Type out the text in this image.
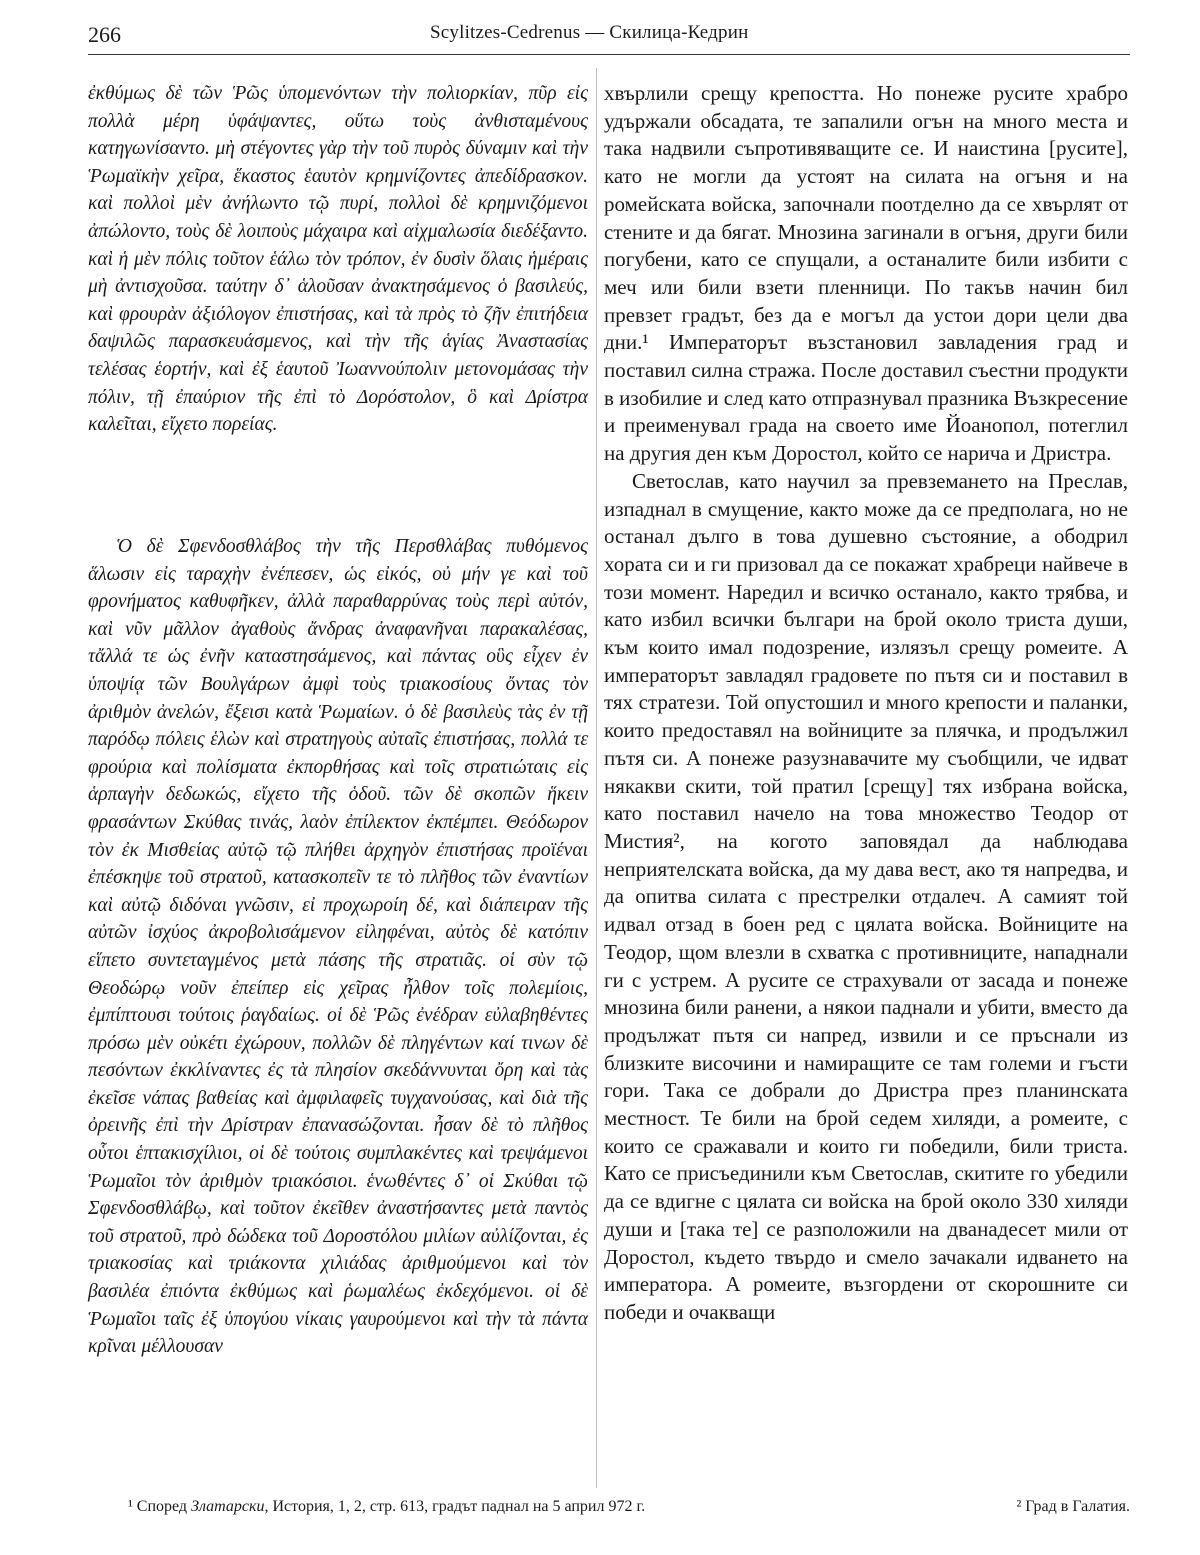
266	Scylitzes-Cedrenus — Скилица-Кедрин

ἐκθύμως δὲ τῶν Ῥῶς ὑπομενόντων τὴν πολιορκίαν, πῦρ εἰς πολλὰ μέρη ὑφάψαντες, οὕτω τοὺς ἀνθισταμένους κατηγωνίσαντο. μὴ στέγοντες γὰρ τὴν τοῦ πυρὸς δύναμιν καὶ τὴν Ῥωμαϊκὴν χεῖρα, ἕκαστος ἑαυτὸν κρημνίζοντες ἀπεδίδρασκον. καὶ πολλοὶ μὲν ἀνήλωντο τῷ πυρί, πολλοὶ δὲ κρημνιζόμενοι ἀπώλοντο, τοὺς δὲ λοιποὺς μάχαιρα καὶ αἰχμαλωσία διεδέξαντο. καὶ ἡ μὲν πόλις τοῦτον ἑάλω τὸν τρόπον, ἐν δυσὶν ὅλαις ἡμέραις μὴ ἀντισχοῦσα. ταύτην δ᾽ ἁλοῦσαν ἀνακτησάμενος ὁ βασιλεύς, καὶ φρουρὰν ἀξιόλογον ἐπιστήσας, καὶ τὰ πρὸς τὸ ζῆν ἐπιτήδεια δαψιλῶς παρασκευάσμενος, καὶ τὴν τῆς ἁγίας Ἀναστασίας τελέσας ἑορτήν, καὶ ἐξ ἑαυτοῦ Ἰωαννούπολιν μετονομάσας τὴν πόλιν, τῇ ἐπαύριον τῆς ἐπὶ τὸ Δορόστολον, ὃ καὶ Δρίστρα καλεῖται, εἴχετο πορείας.

Ὁ δὲ Σφενδοσθλάβος τὴν τῆς Περσθλάβας πυθόμενος ἅλωσιν εἰς ταραχὴν ἐνέπεσεν, ὡς εἰκός, οὐ μήν γε καὶ τοῦ φρονήματος καθυφῆκεν, ἀλλὰ παραθαρρύνας τοὺς περὶ αὐτόν, καὶ νῦν μᾶλλον ἀγαθοὺς ἄνδρας ἀναφανῆναι παρακαλέσας, τἄλλά τε ὡς ἐνῆν καταστησάμενος, καὶ πάντας οὓς εἶχεν ἐν ὑποψίᾳ τῶν Βουλγάρων ἀμφὶ τοὺς τριακοσίους ὄντας τὸν ἀριθμὸν ἀνελών, ἔξεισι κατὰ Ῥωμαίων. ὁ δὲ βασιλεὺς τὰς ἐν τῇ παρόδῳ πόλεις ἑλὼν καὶ στρατηγοὺς αὐταῖς ἐπιστήσας, πολλά τε φρούρια καὶ πολίσματα ἐκπορθήσας καὶ τοῖς στρατιώταις εἰς ἁρπαγὴν δεδωκώς, εἴχετο τῆς ὁδοῦ. τῶν δὲ σκοπῶν ἥκειν φρασάντων Σκύθας τινάς, λαὸν ἐπίλεκτον ἐκπέμπει. Θεόδωρον τὸν ἐκ Μισθείας αὐτῷ τῷ πλήθει ἀρχηγὸν ἐπιστήσας προϊέναι ἐπέσκηψε τοῦ στρατοῦ, κατασκοπεῖν τε τὸ πλῆθος τῶν ἐναντίων καὶ αὐτῷ διδόναι γνῶσιν, εἰ προχωροίη δέ, καὶ διάπειραν τῆς αὐτῶν ἰσχύος ἀκροβολισάμενον εἰληφέναι, αὐτὸς δὲ κατόπιν εἵπετο συντεταγμένος μετὰ πάσης τῆς στρατιᾶς. οἱ σὺν τῷ Θεοδώρῳ νοῦν ἐπείπερ εἰς χεῖρας ἦλθον τοῖς πολεμίοις, ἐμπίπτουσι τούτοις ῥαγδαίως. οἱ δὲ Ῥῶς ἐνέδραν εὐλαβηθέντες πρόσω μὲν οὐκέτι ἐχώρουν, πολλῶν δὲ πληγέντων καί τινων δὲ πεσόντων ἐκκλίναντες ἐς τὰ πλησίον σκεδάννυνται ὄρη καὶ τὰς ἐκεῖσε νάπας βαθείας καὶ ἀμφιλαφεῖς τυγχανούσας, καὶ διὰ τῆς ὀρεινῆς ἐπὶ τὴν Δρίστραν ἐπανασώζονται. ἦσαν δὲ τὸ πλῆθος οὗτοι ἑπτακισχίλιοι, οἱ δὲ τούτοις συμπλακέντες καὶ τρεψάμενοι Ῥωμαῖοι τὸν ἀριθμὸν τριακόσιοι. ἑνωθέντες δ᾽ οἱ Σκύθαι τῷ Σφενδοσθλάβῳ, καὶ τοῦτον ἐκεῖθεν ἀναστήσαντες μετὰ παντὸς τοῦ στρατοῦ, πρὸ δώδεκα τοῦ Δοροστόλου μιλίων αὐλίζονται, ἐς τριακοσίας καὶ τριάκοντα χιλιάδας ἀριθμούμενοι καὶ τὸν βασιλέα ἐπιόντα ἐκθύμως καὶ ῥωμαλέως ἐκδεχόμενοι. οἱ δὲ Ῥωμαῖοι ταῖς ἐξ ὑπογύου νίκαις γαυρούμενοι καὶ τὴν τὰ πάντα κρῖναι μέλλουσαν

хвърлили срещу крепостта. Но понеже русите храбро удържали обсадата, те запалили огън на много места и така надвили съпротивяващите се. И наистина [русите], като не могли да устоят на силата на огъня и на ромейската войска, започнали поотделно да се хвърлят от стените и да бягат. Мнозина загинали в огъня, други били погубени, като се спущали, а останалите били избити с меч или били взети пленници. По такъв начин бил превзет градът, без да е могъл да устои дори цели два дни.¹ Императорът възстановил завладения град и поставил силна стража. После доставил съестни продукти в изобилие и след като отпразнувал празника Възкресение и преименувал града на своето име Йоанопол, потеглил на другия ден към Доростол, който се нарича и Дристра.

Светослав, като научил за превземането на Преслав, изпаднал в смущение, както може да се предполага, но не останал дълго в това душевно състояние, а ободрил хората си и ги призовал да се покажат храбреци найвече в този момент. Наредил и всичко останало, както трябва, и като избил всички българи на брой около триста души, към които имал подозрение, излязъл срещу ромеите. А императорът завладял градовете по пътя си и поставил в тях стратези. Той опустошил и много крепости и паланки, които предоставял на войниците за плячка, и продължил пътя си. А понеже разузнавачите му съобщили, че идват някакви скити, той пратил [срещу] тях избрана войска, като поставил начело на това множество Теодор от Мистия², на когото заповядал да наблюдава неприятелската войска, да му дава вест, ако тя напредва, и да опитва силата с престрелки отдалеч. А самият той идвал отзад в боен ред с цялата войска. Войниците на Теодор, щом влезли в схватка с противниците, нападнали ги с устрем. А русите се страхували от засада и понеже мнозина били ранени, а някои паднали и убити, вместо да продължат пътя си напред, извили и се пръснали из близките височини и намиращите се там големи и гъсти гори. Така се добрали до Дристра през планинската местност. Те били на брой седем хиляди, а ромеите, с които се сражавали и които ги победили, били триста. Като се присъединили към Светослав, скитите го убедили да се вдигне с цялата си войска на брой около 330 хиляди души и [така те] се разположили на дванадесет мили от Доростол, където твърдо и смело зачакали идването на императора. А ромеите, възгордени от скорошните си победи и очакващи

¹ Според Златарски, История, 1, 2, стр. 613, градът паднал на 5 април 972 г.	² Град в Галатия.
